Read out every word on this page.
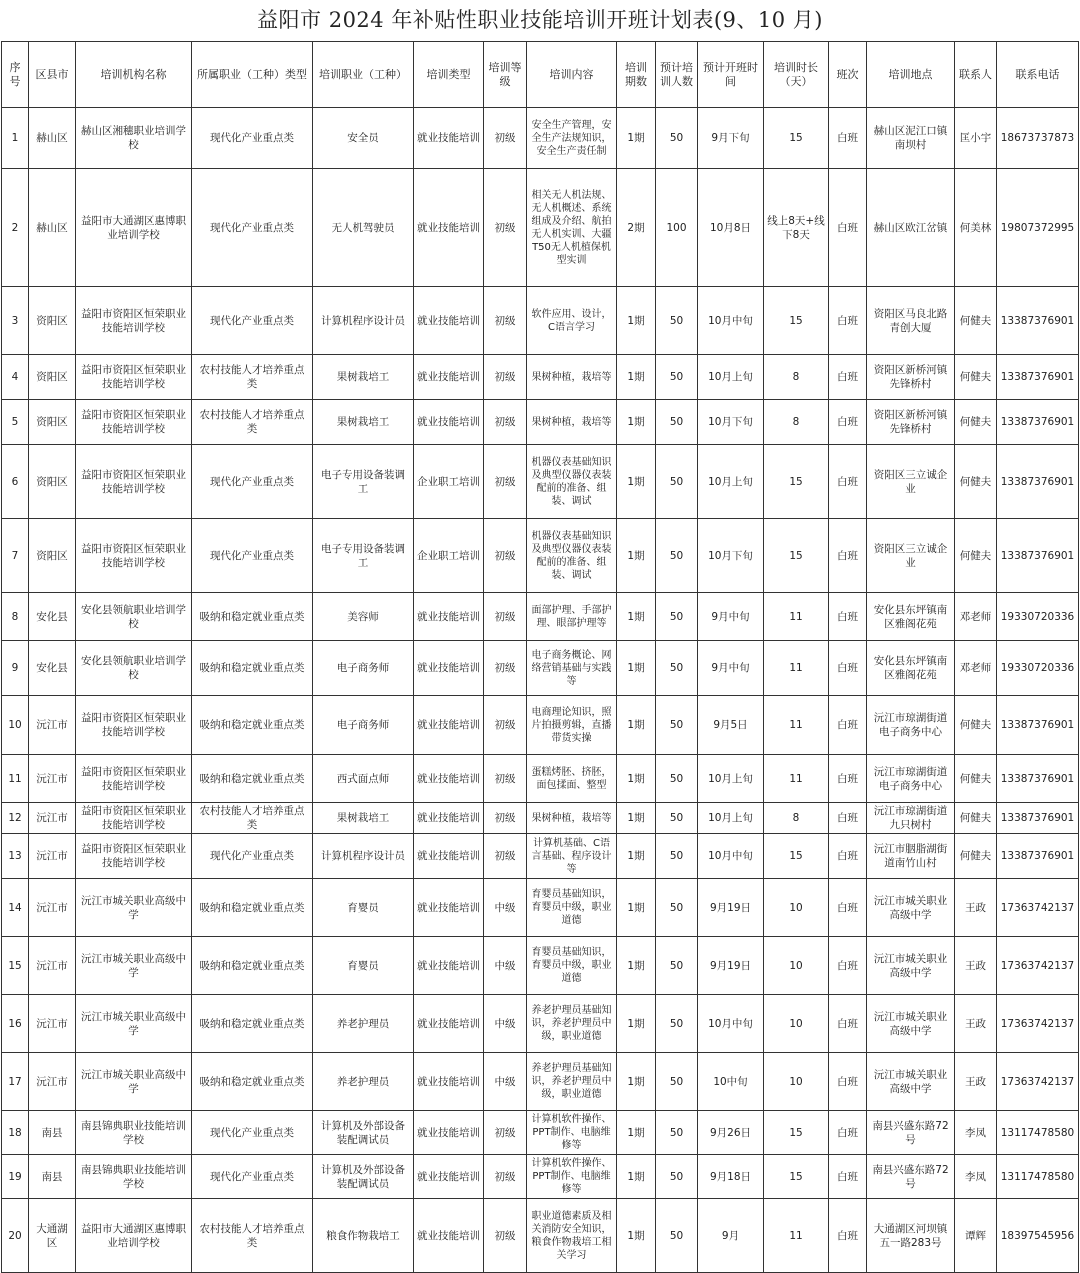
益阳市 2024 年补贴性职业技能培训开班计划表(9、10 月)
序号	区县市	培训机构名称	所属职业（工种）类型	培训职业（工种）	培训类型	培训等级	培训内容	培训期数	预计培训人数	预计开班时间	培训时长（天）	班次	培训地点	联系人	联系电话
1	赫山区	赫山区湘穗职业培训学校	现代化产业重点类	安全员	就业技能培训	初级	安全生产管理，安全生产法规知识，安全生产责任制	1期	50	9月下旬	15	白班	赫山区泥江口镇南坝村	匡小宇	18673737873
2	赫山区	益阳市大通湖区惠博职业培训学校	现代化产业重点类	无人机驾驶员	就业技能培训	初级	相关无人机法规、无人机概述、系统组成及介绍、航拍无人机实训、大疆T50无人机植保机型实训	2期	100	10月8日	线上8天+线下8天	白班	赫山区欧江岔镇	何美林	19807372995
3	资阳区	益阳市资阳区恒荣职业技能培训学校	现代化产业重点类	计算机程序设计员	就业技能培训	初级	软件应用、设计，C语言学习	1期	50	10月中旬	15	白班	资阳区马良北路青创大厦	何健夫	13387376901
4	资阳区	益阳市资阳区恒荣职业技能培训学校	农村技能人才培养重点类	果树栽培工	就业技能培训	初级	果树种植，栽培等	1期	50	10月上旬	8	白班	资阳区新桥河镇先锋桥村	何健夫	13387376901
5	资阳区	益阳市资阳区恒荣职业技能培训学校	农村技能人才培养重点类	果树栽培工	就业技能培训	初级	果树种植，栽培等	1期	50	10月下旬	8	白班	资阳区新桥河镇先锋桥村	何健夫	13387376901
6	资阳区	益阳市资阳区恒荣职业技能培训学校	现代化产业重点类	电子专用设备装调工	企业职工培训	初级	机器仪表基础知识及典型仪器仪表装配前的准备、组装、调试	1期	50	10月上旬	15	白班	资阳区三立诚企业	何健夫	13387376901
7	资阳区	益阳市资阳区恒荣职业技能培训学校	现代化产业重点类	电子专用设备装调工	企业职工培训	初级	机器仪表基础知识及典型仪器仪表装配前的准备、组装、调试	1期	50	10月下旬	15	白班	资阳区三立诚企业	何健夫	13387376901
8	安化县	安化县领航职业培训学校	吸纳和稳定就业重点类	美容师	就业技能培训	初级	面部护理、手部护理、眼部护理等	1期	50	9月中旬	11	白班	安化县东坪镇南区雅阁花苑	邓老师	19330720336
9	安化县	安化县领航职业培训学校	吸纳和稳定就业重点类	电子商务师	就业技能培训	初级	电子商务概论、网络营销基础与实践等	1期	50	9月中旬	11	白班	安化县东坪镇南区雅阁花苑	邓老师	19330720336
10	沅江市	益阳市资阳区恒荣职业技能培训学校	吸纳和稳定就业重点类	电子商务师	就业技能培训	初级	电商理论知识，照片拍摄剪辑，直播带货实操	1期	50	9月5日	11	白班	沅江市琼湖街道电子商务中心	何健夫	13387376901
11	沅江市	益阳市资阳区恒荣职业技能培训学校	吸纳和稳定就业重点类	西式面点师	就业技能培训	初级	蛋糕烤胚、挤胚，面包揉面、整型	1期	50	10月上旬	11	白班	沅江市琼湖街道电子商务中心	何健夫	13387376901
12	沅江市	益阳市资阳区恒荣职业技能培训学校	农村技能人才培养重点类	果树栽培工	就业技能培训	初级	果树种植，栽培等	1期	50	10月上旬	8	白班	沅江市琼湖街道九只树村	何健夫	13387376901
13	沅江市	益阳市资阳区恒荣职业技能培训学校	现代化产业重点类	计算机程序设计员	就业技能培训	初级	计算机基础、C语言基础、程序设计等	1期	50	10月中旬	15	白班	沅江市胭脂湖街道南竹山村	何健夫	13387376901
14	沅江市	沅江市城关职业高级中学	吸纳和稳定就业重点类	育婴员	就业技能培训	中级	育婴员基础知识，育婴员中级，职业道德	1期	50	9月19日	10	白班	沅江市城关职业高级中学	王政	17363742137
15	沅江市	沅江市城关职业高级中学	吸纳和稳定就业重点类	育婴员	就业技能培训	中级	育婴员基础知识，育婴员中级，职业道德	1期	50	9月19日	10	白班	沅江市城关职业高级中学	王政	17363742137
16	沅江市	沅江市城关职业高级中学	吸纳和稳定就业重点类	养老护理员	就业技能培训	中级	养老护理员基础知识，养老护理员中级，职业道德	1期	50	10月中旬	10	白班	沅江市城关职业高级中学	王政	17363742137
17	沅江市	沅江市城关职业高级中学	吸纳和稳定就业重点类	养老护理员	就业技能培训	中级	养老护理员基础知识，养老护理员中级，职业道德	1期	50	10中旬	10	白班	沅江市城关职业高级中学	王政	17363742137
18	南县	南县锦典职业技能培训学校	现代化产业重点类	计算机及外部设备装配调试员	就业技能培训	初级	计算机软件操作、PPT制作、电脑维修等	1期	50	9月26日	15	白班	南县兴盛东路72号	李凤	13117478580
19	南县	南县锦典职业技能培训学校	现代化产业重点类	计算机及外部设备装配调试员	就业技能培训	初级	计算机软件操作、PPT制作、电脑维修等	1期	50	9月18日	15	白班	南县兴盛东路72号	李凤	13117478580
20	大通湖区	益阳市大通湖区惠博职业培训学校	农村技能人才培养重点类	粮食作物栽培工	就业技能培训	初级	职业道德素质及相关消防安全知识，粮食作物栽培工相关学习	1期	50	9月	11	白班	大通湖区河坝镇五一路283号	谭辉	18397545956
